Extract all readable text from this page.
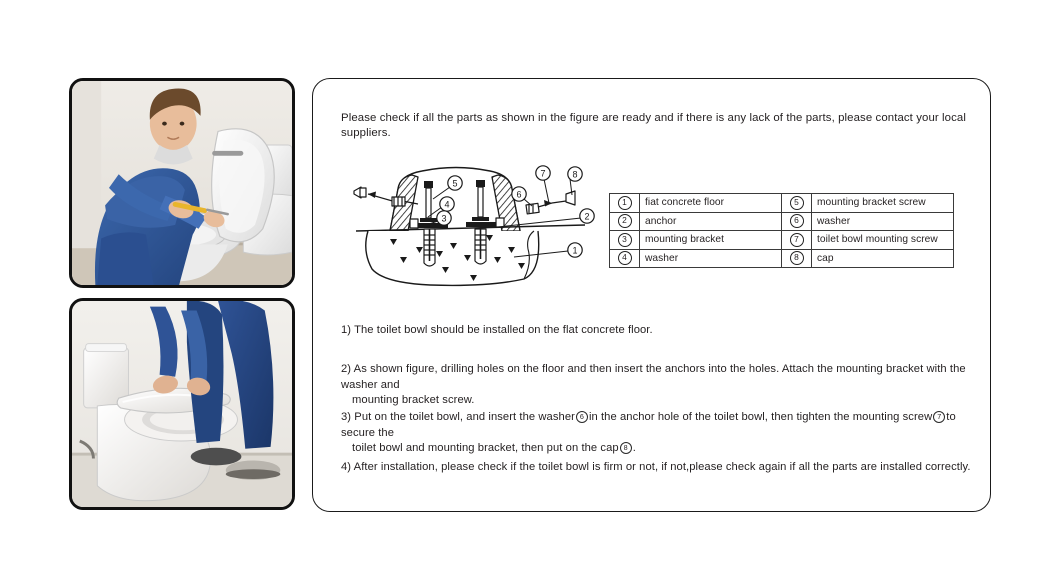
Please check if all the parts as shown in the figure are ready and if there is any lack of the parts, please contact your local suppliers.
5
4
3
6
7	8
2
1
1	fiat concrete floor	5	mounting bracket screw
2	anchor	6	washer
3	mounting bracket	7	toilet bowl mounting screw
4	washer	8	cap
1) The toilet bowl should be installed on the flat concrete floor.
2) As shown figure, drilling holes on the floor and then insert the anchors into the holes. Attach the mounting bracket with the washer and
mounting bracket screw.
3) Put on the toilet bowl, and insert the washer 6 in the anchor hole of the toilet bowl, then tighten the mounting screw 7 to secure the
toilet bowl and mounting bracket, then put on the cap 8 .
4) After installation, please check if the toilet bowl is firm or not, if not,please check again if all the parts are installed correctly.
